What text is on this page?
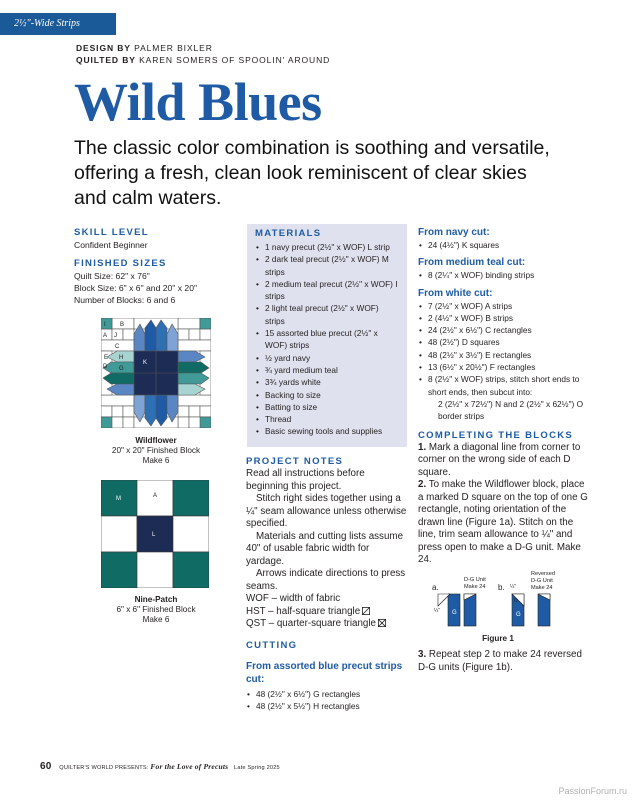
2½"-Wide Strips
DESIGN BY PALMER BIXLER
QUILTED BY KAREN SOMERS OF SPOOLIN' AROUND
Wild Blues
The classic color combination is soothing and versatile, offering a fresh, clean look reminiscent of clear skies and calm waters.
SKILL LEVEL
Confident Beginner
FINISHED SIZES
Quilt Size: 62" x 76"
Block Size: 6" x 6" and 20" x 20"
Number of Blocks: 6 and 6
I B
A J
C
E H
D G
K
Wildflower
20" x 20" Finished Block
Make 6
M	A
L
Nine-Patch
6" x 6" Finished Block
Make 6
MATERIALS
• 1 navy precut (2½" x WOF) L strip
• 2 dark teal precut (2½" x WOF) M strips
• 2 medium teal precut (2½" x WOF) I strips
• 2 light teal precut (2½" x WOF) strips
• 15 assorted blue precut (2½" x WOF) strips
• ½ yard navy
• ¾ yard medium teal
• 3¾ yards white
• Backing to size
• Batting to size
• Thread
• Basic sewing tools and supplies
PROJECT NOTES
Read all instructions before beginning this project.
Stitch right sides together using a ¼" seam allowance unless otherwise specified.
Materials and cutting lists assume 40" of usable fabric width for yardage.
Arrows indicate directions to press seams.
WOF – width of fabric
HST – half-square triangle
QST – quarter-square triangle
CUTTING
From assorted blue precut strips cut:
• 48 (2½" x 6½") G rectangles
• 48 (2½" x 5½") H rectangles
From navy cut:
• 24 (4½") K squares
From medium teal cut:
• 8 (2¼" x WOF) binding strips
From white cut:
• 7 (2½" x WOF) A strips
• 2 (4½" x WOF) B strips
• 24 (2½" x 6½") C rectangles
• 48 (2½") D squares
• 48 (2½" x 3½") E rectangles
• 13 (6½" x 20½") F rectangles
• 8 (2½" x WOF) strips, stitch short ends to short ends, then subcut into:
2 (2½" x 72½") N and 2 (2½" x 62½") O border strips
COMPLETING THE BLOCKS
1. Mark a diagonal line from corner to corner on the wrong side of each D square.
2. To make the Wildflower block, place a marked D square on the top of one G rectangle, noting orientation of the drawn line (Figure 1a). Stitch on the line, trim seam allowance to ¼" and press open to make a D-G unit. Make 24.
a.
D-G Unit
Make 24 b.
Reversed
D-G Unit
Make 24
¼" G
¼"
D
G
Figure 1
3. Repeat step 2 to make 24 reversed D-G units (Figure 1b).
60 QUILTER'S WORLD PRESENTS: For the Love of Precuts Late Spring 2025
PassionForum.ru
